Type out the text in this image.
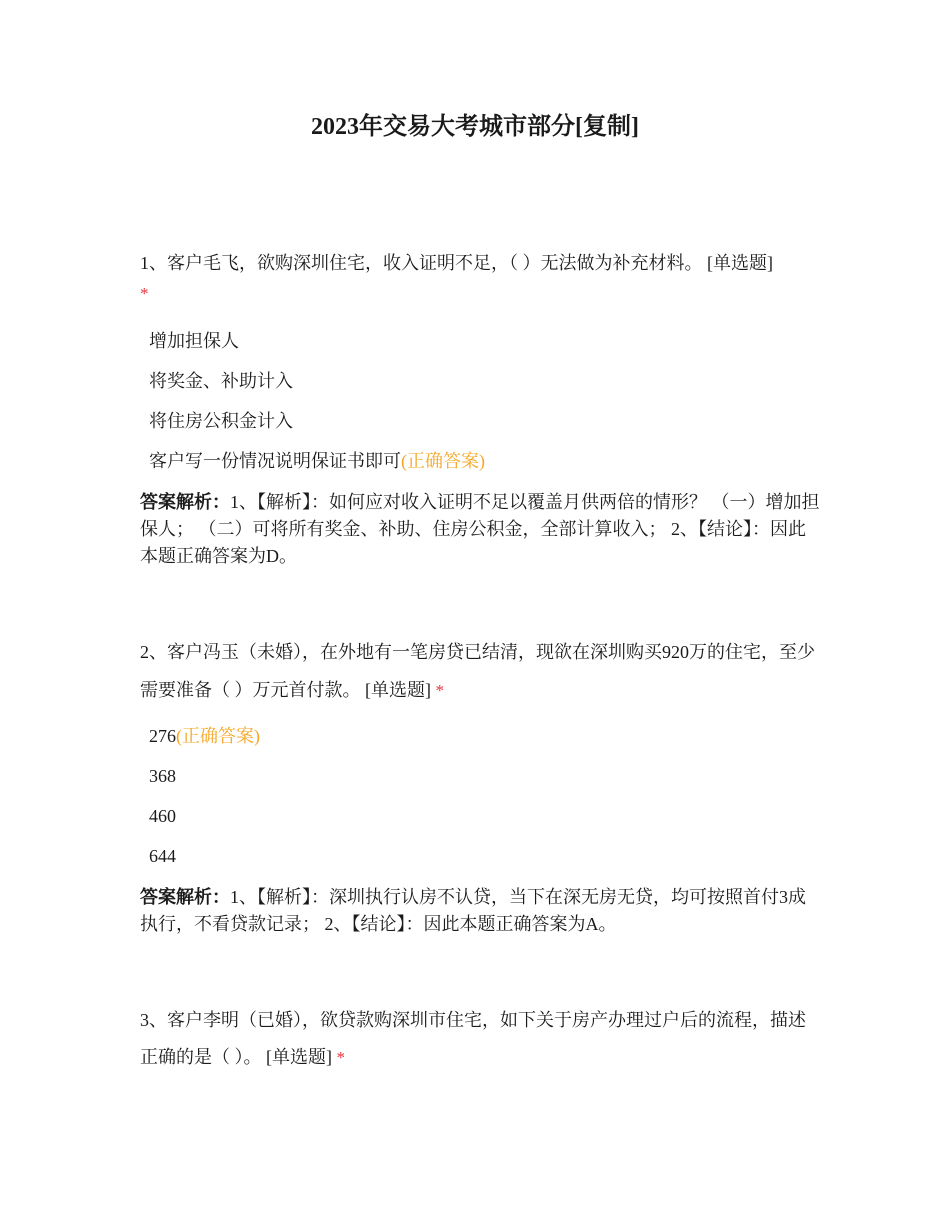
2023年交易大考城市部分[复制]

1、客户毛飞，欲购深圳住宅，收入证明不足，（ ）无法做为补充材料。 [单选题]
*

增加担保人
将奖金、补助计入
将住房公积金计入
客户写一份情况说明保证书即可 (正确答案)

答案解析：1、【解析】：如何应对收入证明不足以覆盖月供两倍的情形？ （一）增加担保人； （二）可将所有奖金、补助、住房公积金，全部计算收入； 2、【结论】：因此本题正确答案为D。

2、客户冯玉（未婚），在外地有一笔房贷已结清，现欲在深圳购买920万的住宅，至少需要准备（ ）万元首付款。 [单选题] *

276 (正确答案)
368
460
644

答案解析：1、【解析】：深圳执行认房不认贷，当下在深无房无贷，均可按照首付3成执行，不看贷款记录； 2、【结论】：因此本题正确答案为A。

3、客户李明（已婚），欲贷款购深圳市住宅，如下关于房产办理过户后的流程，描述正确的是（ ）。 [单选题] *
